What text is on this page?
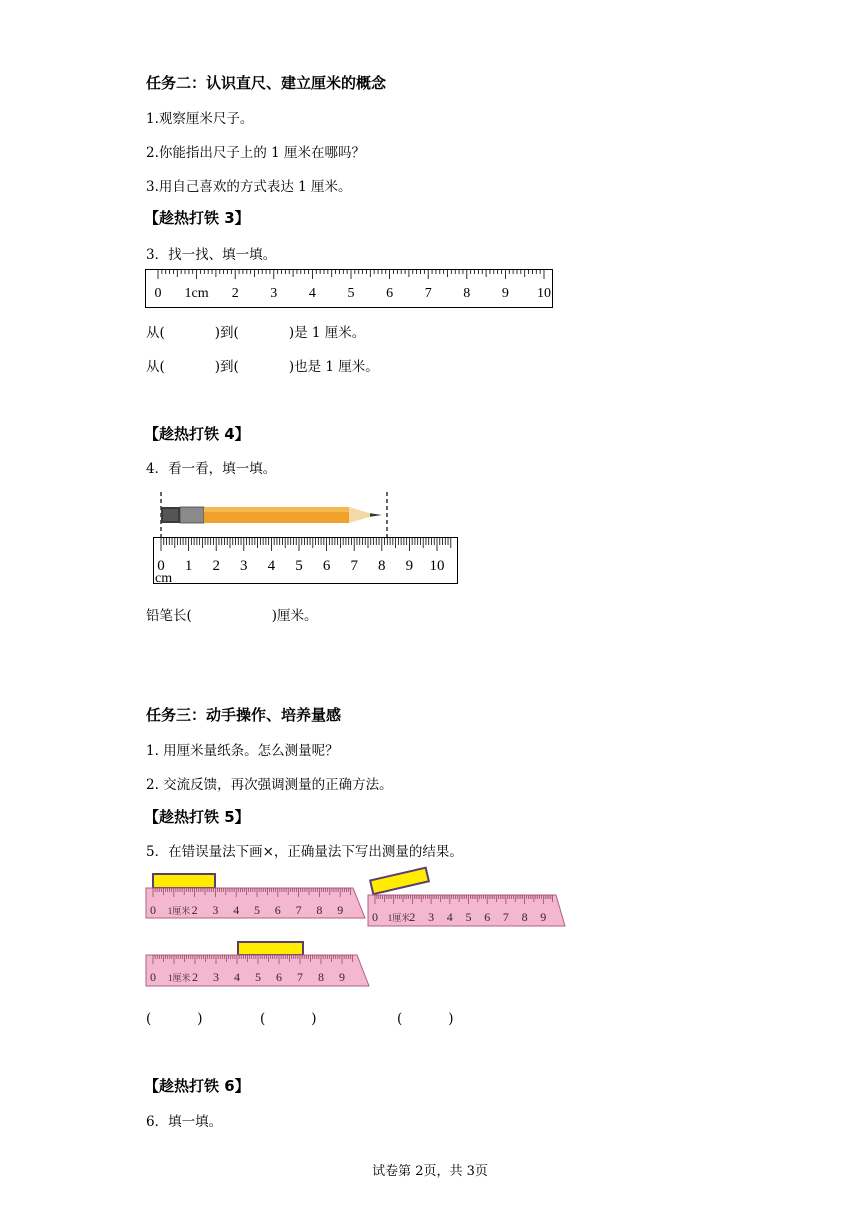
任务二：认识直尺、建立厘米的概念
1.观察厘米尺子。
2.你能指出尺子上的 1 厘米在哪吗？
3.用自己喜欢的方式表达 1 厘米。
【趁热打铁 3】
3．找一找、填一填。
0 1cm 2 3 4 5 6 7 8 9 10
从(	)到(	)是 1 厘米。
从(	)到(	)也是 1 厘米。
【趁热打铁 4】
4．看一看，填一填。
0 1 2 3 4 5 6 7 8 9 10
cm
铅笔长(	)厘米。
任务三：动手操作、培养量感
1. 用厘米量纸条。怎么测量呢？
2. 交流反馈，再次强调测量的正确方法。
【趁热打铁 5】
5．在错误量法下画×，正确量法下写出测量的结果。
0 1厘米 2 3 4 5 6 7 8 9 0 1厘米 2 3 4 5 6 7 8 9
0 1厘米 2 3 4 5 6 7 8 9
(	)	(	)	(	)
【趁热打铁 6】
6．填一填。
试卷第 2页，共 3页
